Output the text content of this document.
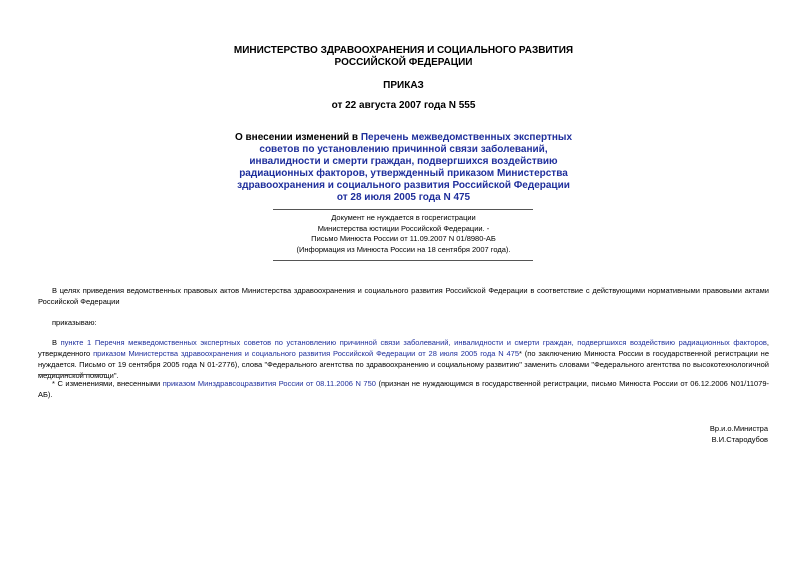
МИНИСТЕРСТВО ЗДРАВООХРАНЕНИЯ И СОЦИАЛЬНОГО РАЗВИТИЯ
РОССИЙСКОЙ ФЕДЕРАЦИИ
ПРИКАЗ
от 22 августа 2007 года N 555
О внесении изменений в Перечень межведомственных экспертных
советов по установлению причинной связи заболеваний,
инвалидности и смерти граждан, подвергшихся воздействию
радиационных факторов, утвержденный приказом Министерства
здравоохранения и социального развития Российской Федерации
от 28 июля 2005 года N 475
Документ не нуждается в госрегистрации
Министерства юстиции Российской Федерации. -
Письмо Минюста России от 11.09.2007 N 01/8980-АБ
(Информация из Минюста России на 18 сентября 2007 года).
В целях приведения ведомственных правовых актов Министерства здравоохранения и социального развития Российской Федерации в соответствие с действующими нормативными правовыми актами Российской Федерации
приказываю:
В пункте 1 Перечня межведомственных экспертных советов по установлению причинной связи заболеваний, инвалидности и смерти граждан, подвергшихся воздействию радиационных факторов, утвержденного приказом Министерства здравоохранения и социального развития Российской Федерации от 28 июля 2005 года N 475* (по заключению Минюста России в государственной регистрации не нуждается. Письмо от 19 сентября 2005 года N 01-2776), слова "Федерального агентства по здравоохранению и социальному развитию" заменить словами "Федерального агентства по высокотехнологичной медицинской помощи".
* С изменениями, внесенными приказом Минздравсоцразвития России от 08.11.2006 N 750 (признан не нуждающимся в государственной регистрации, письмо Минюста России от 06.12.2006 N01/11079-АБ).
Вр.и.о.Министра
В.И.Стародубов
